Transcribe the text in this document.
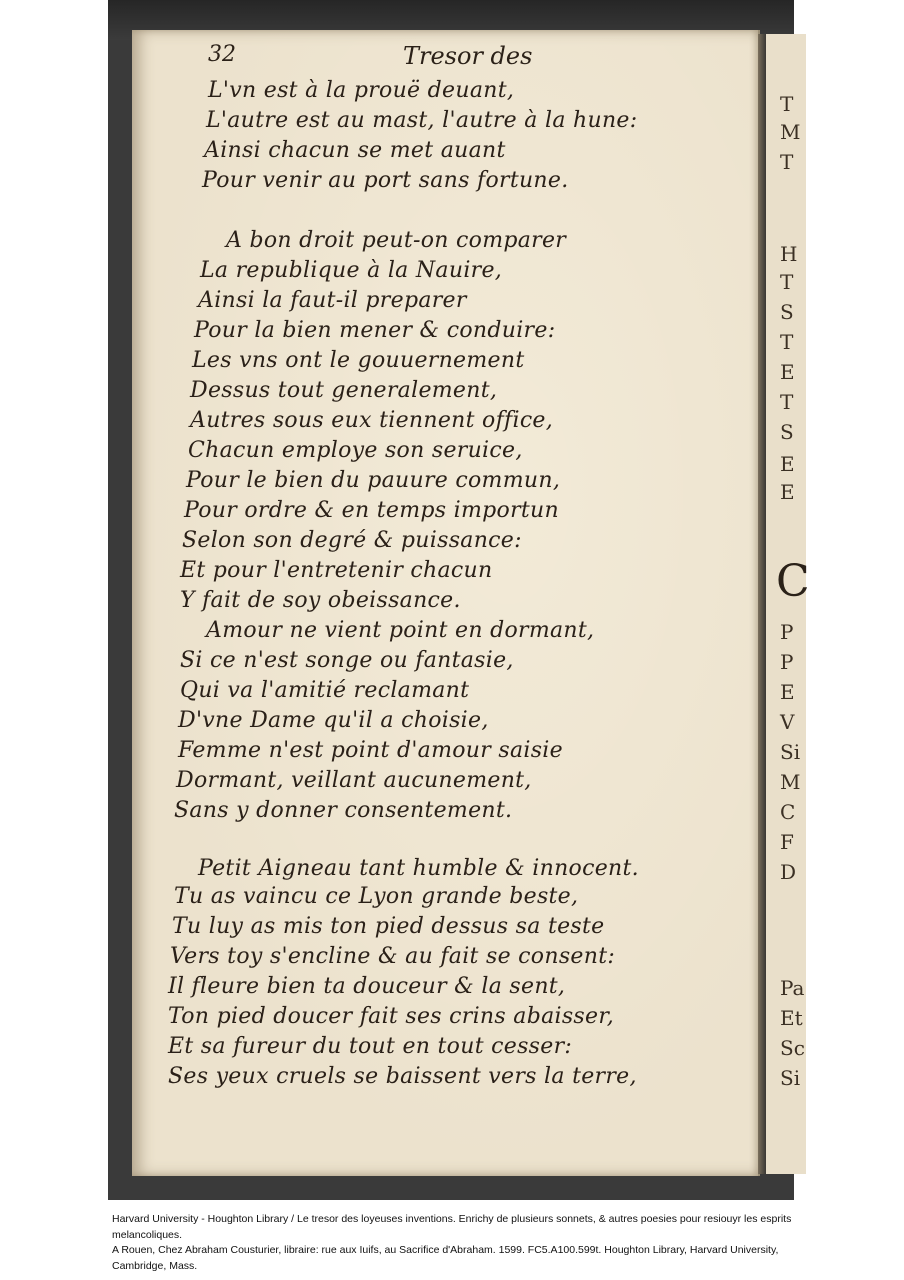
T
M
T
H
T
S
T
E
T
S
E
E
P
P
E
V
Si
M
C
F
D
Pa
Et
Sc
Si
C
32	Tresor des
L'vn est à la prouë deuant,
L'autre est au mast, l'autre à la hune:
Ainsi chacun se met auant
Pour venir au port sans fortune.
A bon droit peut-on comparer
La republique à la Nauire,
Ainsi la faut-il preparer
Pour la bien mener & conduire:
Les vns ont le gouuernement
Dessus tout generalement,
Autres sous eux tiennent office,
Chacun employe son seruice,
Pour le bien du pauure commun,
Pour ordre & en temps importun
Selon son degré & puissance:
Et pour l'entretenir chacun
Y fait de soy obeissance.
Amour ne vient point en dormant,
Si ce n'est songe ou fantasie,
Qui va l'amitié reclamant
D'vne Dame qu'il a choisie,
Femme n'est point d'amour saisie
Dormant, veillant aucunement,
Sans y donner consentement.
Petit Aigneau tant humble & innocent.
Tu as vaincu ce Lyon grande beste,
Tu luy as mis ton pied dessus sa teste
Vers toy s'encline & au fait se consent:
Il fleure bien ta douceur & la sent,
Ton pied doucer fait ses crins abaisser,
Et sa fureur du tout en tout cesser:
Ses yeux cruels se baissent vers la terre,

Harvard University - Houghton Library / Le tresor des loyeuses inventions. Enrichy de plusieurs sonnets, & autres poesies pour resiouyr les esprits melancoliques.

A Rouen, Chez Abraham Cousturier, libraire: rue aux Iuifs, au Sacrifice d'Abraham. 1599. FC5.A100.599t. Houghton Library, Harvard University, Cambridge, Mass.
